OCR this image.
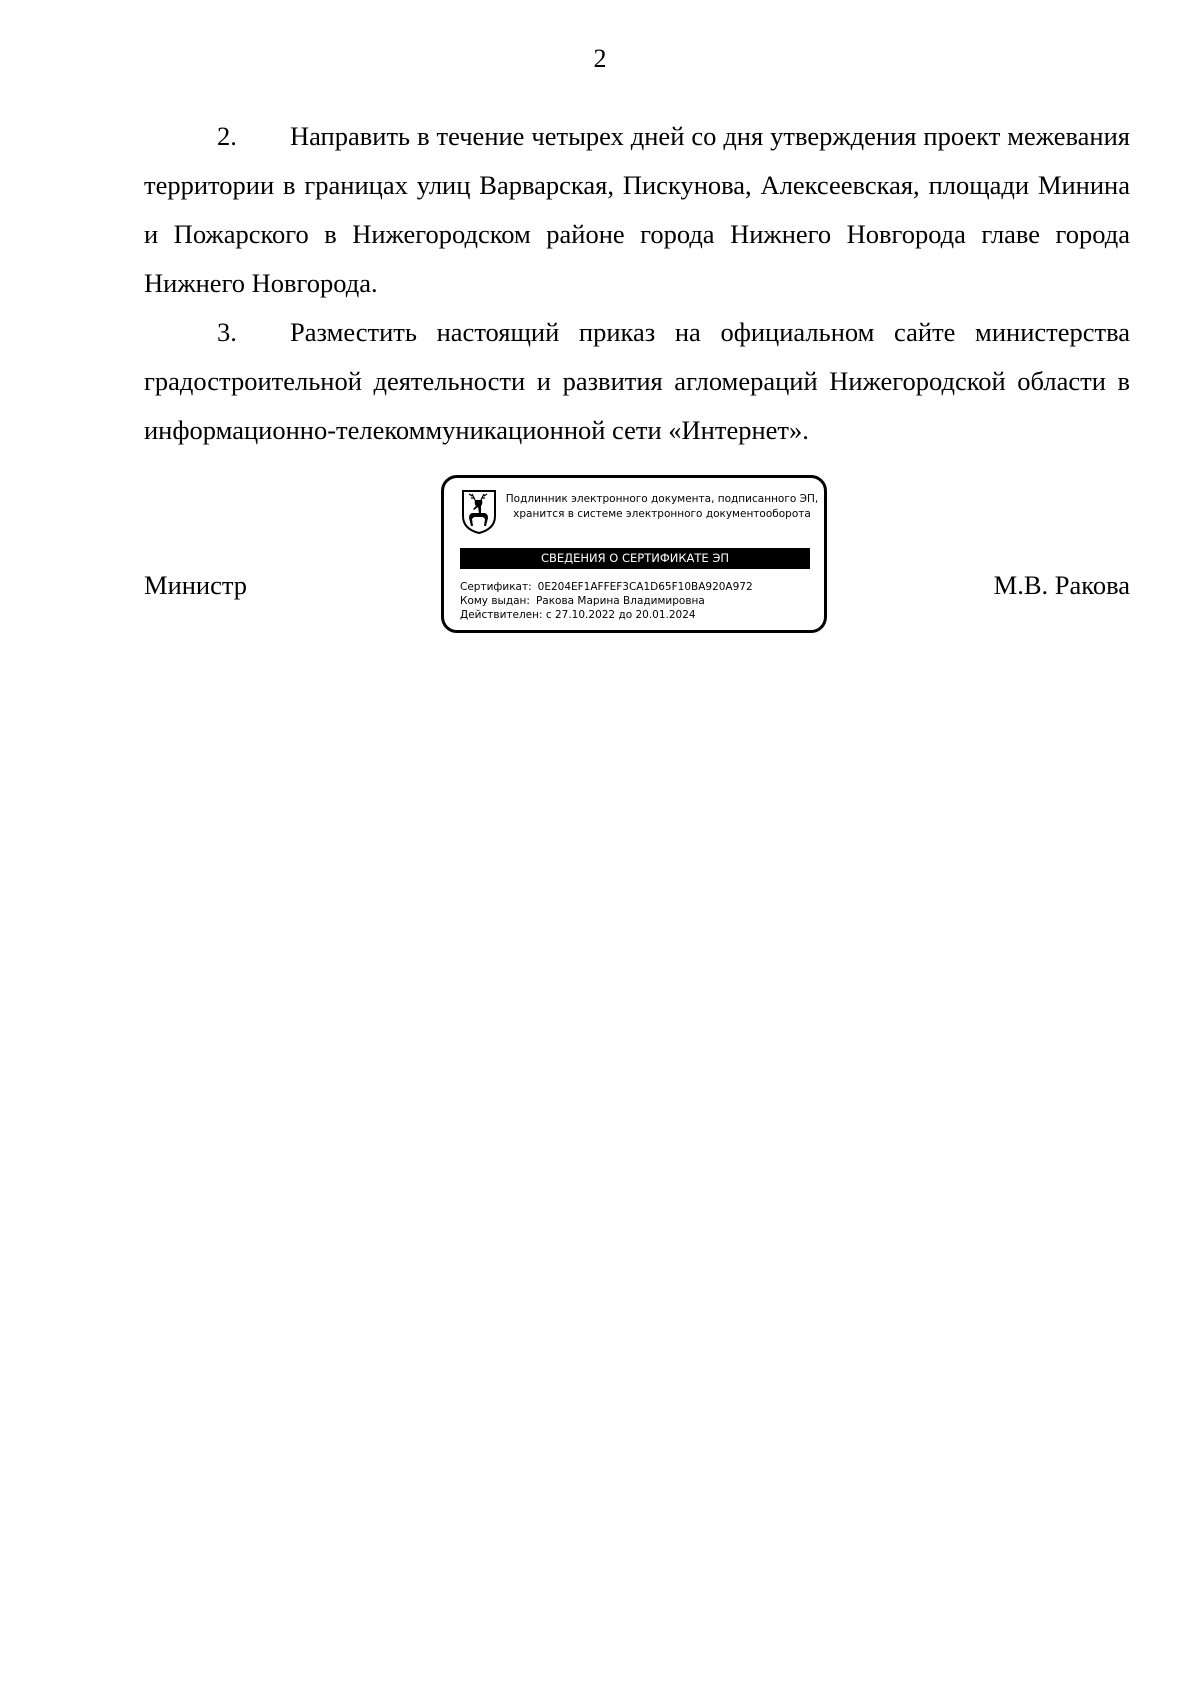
2

2. Направить в течение четырех дней со дня утверждения проект межевания территории в границах улиц Варварская, Пискунова, Алексеевская, площади Минина и Пожарского в Нижегородском районе города Нижнего Новгорода главе города Нижнего Новгорода.

3. Разместить настоящий приказ на официальном сайте министерства градостроительной деятельности и развития агломераций Нижегородской области в информационно-телекоммуникационной сети «Интернет».

Министр	М.В. Ракова
Подлинник электронного документа, подписанного ЭП,
хранится в системе электронного документооборота
СВЕДЕНИЯ О СЕРТИФИКАТЕ ЭП
Сертификат: 0E204EF1AFFEF3CA1D65F10BA920A972
Кому выдан: Ракова Марина Владимировна
Действителен: с 27.10.2022 до 20.01.2024
